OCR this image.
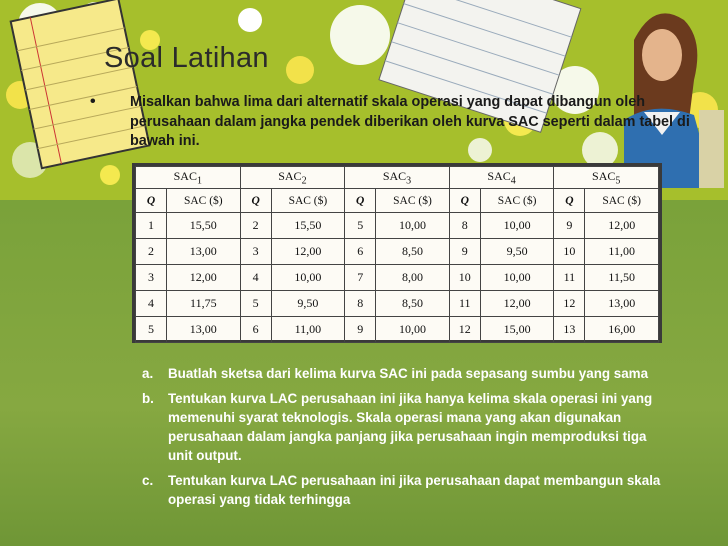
Soal Latihan
• Misalkan bahwa lima dari alternatif skala operasi yang dapat dibangun oleh perusahaan dalam jangka pendek diberikan oleh kurva SAC seperti dalam tabel di bawah ini.
$SAC_1$		$SAC_2$		$SAC_3$		$SAC_4$		$SAC_5$
Q	SAC ($)	Q	SAC ($)	Q	SAC ($)	Q	SAC ($)	Q	SAC ($)
1	15,50	2	15,50	5	10,00	8	10,00	9	12,00
2	13,00	3	12,00	6	8,50	9	9,50	10	11,00
3	12,00	4	10,00	7	8,00	10	10,00	11	11,50
4	11,75	5	9,50	8	8,50	11	12,00	12	13,00
5	13,00	6	11,00	9	10,00	12	15,00	13	16,00
a. Buatlah sketsa dari kelima kurva SAC ini pada sepasang sumbu yang sama
b. Tentukan kurva LAC perusahaan ini jika hanya kelima skala operasi ini yang memenuhi syarat teknologis. Skala operasi mana yang akan digunakan perusahaan dalam jangka panjang jika perusahaan ingin memproduksi tiga unit output.
c. Tentukan kurva LAC perusahaan ini jika perusahaan dapat membangun skala operasi yang tidak terhingga
